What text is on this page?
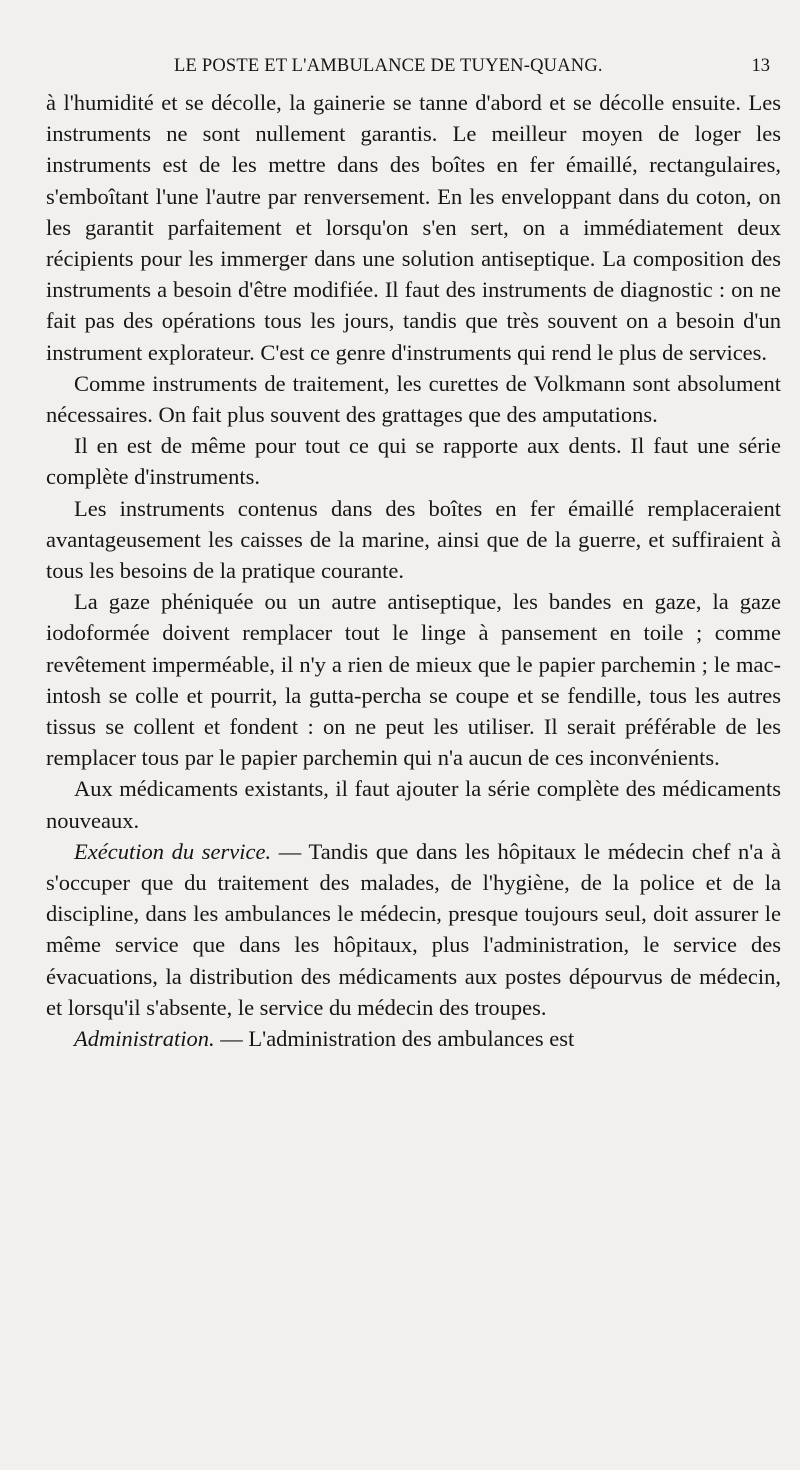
LE POSTE ET L'AMBULANCE DE TUYEN-QUANG.	13

à l'humidité et se décolle, la gainerie se tanne d'abord et se décolle ensuite. Les instruments ne sont nullement garantis. Le meilleur moyen de loger les instruments est de les mettre dans des boîtes en fer émaillé, rectangulaires, s'emboîtant l'une l'autre par renversement. En les enveloppant dans du coton, on les garantit parfaitement et lorsqu'on s'en sert, on a immédiatement deux récipients pour les immerger dans une solution antiseptique. La composition des instruments a besoin d'être modifiée. Il faut des instruments de diagnostic : on ne fait pas des opérations tous les jours, tandis que très souvent on a besoin d'un instrument explorateur. C'est ce genre d'instruments qui rend le plus de services.

Comme instruments de traitement, les curettes de Volkmann sont absolument nécessaires. On fait plus souvent des grattages que des amputations.

Il en est de même pour tout ce qui se rapporte aux dents. Il faut une série complète d'instruments.

Les instruments contenus dans des boîtes en fer émaillé remplaceraient avantageusement les caisses de la marine, ainsi que de la guerre, et suffiraient à tous les besoins de la pratique courante.

La gaze phéniquée ou un autre antiseptique, les bandes en gaze, la gaze iodoformée doivent remplacer tout le linge à pansement en toile ; comme revêtement imperméable, il n'y a rien de mieux que le papier parchemin ; le mac-intosh se colle et pourrit, la gutta-percha se coupe et se fendille, tous les autres tissus se collent et fondent : on ne peut les utiliser. Il serait préférable de les remplacer tous par le papier parchemin qui n'a aucun de ces inconvénients.

Aux médicaments existants, il faut ajouter la série complète des médicaments nouveaux.

Exécution du service. — Tandis que dans les hôpitaux le médecin chef n'a à s'occuper que du traitement des malades, de l'hygiène, de la police et de la discipline, dans les ambulances le médecin, presque toujours seul, doit assurer le même service que dans les hôpitaux, plus l'administration, le service des évacuations, la distribution des médicaments aux postes dépourvus de médecin, et lorsqu'il s'absente, le service du médecin des troupes.

Administration. — L'administration des ambulances est
